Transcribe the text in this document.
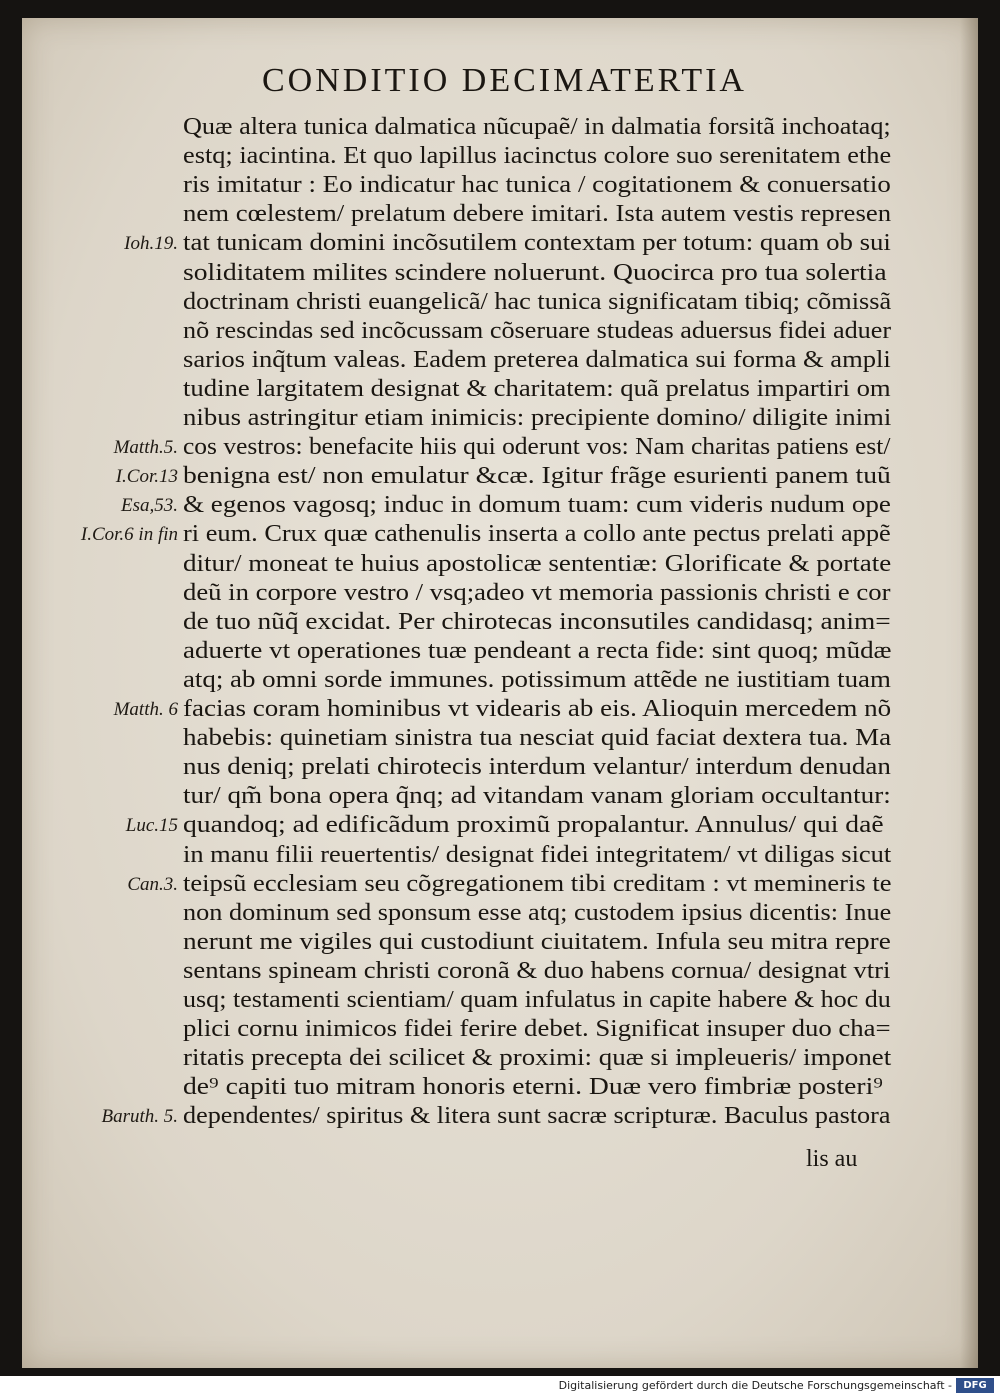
CONDITIO DECIMATERTIA
Quæ altera tunica dalmatica nũcupaẽ/ in dalmatia forsitã inchoataq;
estq; iacintina. Et quo lapillus iacinctus colore suo serenitatem ethe
ris imitatur : Eo indicatur hac tunica / cogitationem & conuersatio
nem cœlestem/ prelatum debere imitari. Ista autem vestis represen
tat tunicam domini incõsutilem contextam per totum: quam ob sui
soliditatem milites scindere noluerunt. Quocirca pro tua solertia
doctrinam christi euangelicã/ hac tunica significatam tibiq; cõmissã
nõ rescindas sed incõcussam cõseruare studeas aduersus fidei aduer
sarios inq̃tum valeas. Eadem preterea dalmatica sui forma & ampli
tudine largitatem designat & charitatem: quã prelatus impartiri om
nibus astringitur etiam inimicis: precipiente domino/ diligite inimi
cos vestros: benefacite hiis qui oderunt vos: Nam charitas patiens est/
benigna est/ non emulatur &cæ. Igitur frãge esurienti panem tuũ
& egenos vagosq; induc in domum tuam: cum videris nudum ope
ri eum. Crux quæ cathenulis inserta a collo ante pectus prelati appẽ
ditur/ moneat te huius apostolicæ sententiæ: Glorificate & portate
deũ in corpore vestro / vsq;adeo vt memoria passionis christi e cor
de tuo nũq̃ excidat. Per chirotecas inconsutiles candidasq; anim=
aduerte vt operationes tuæ pendeant a recta fide: sint quoq; mũdæ
atq; ab omni sorde immunes. potissimum attẽde ne iustitiam tuam
facias coram hominibus vt videaris ab eis. Alioquin mercedem nõ
habebis: quinetiam sinistra tua nesciat quid faciat dextera tua. Ma
nus deniq; prelati chirotecis interdum velantur/ interdum denudan
tur/ qm̃ bona opera q̃nq; ad vitandam vanam gloriam occultantur:
quandoq; ad edificãdum proximũ propalantur. Annulus/ qui daẽ
in manu filii reuertentis/ designat fidei integritatem/ vt diligas sicut
teipsũ ecclesiam seu cõgregationem tibi creditam : vt memineris te
non dominum sed sponsum esse atq; custodem ipsius dicentis: Inue
nerunt me vigiles qui custodiunt ciuitatem. Infula seu mitra repre
sentans spineam christi coronã & duo habens cornua/ designat vtri
usq; testamenti scientiam/ quam infulatus in capite habere & hoc du
plici cornu inimicos fidei ferire debet. Significat insuper duo cha=
ritatis precepta dei scilicet & proximi: quæ si impleueris/ imponet
de⁹ capiti tuo mitram honoris eterni. Duæ vero fimbriæ posteri⁹
dependentes/ spiritus & litera sunt sacræ scripturæ. Baculus pastora
Ioh.19.
Matth.5.
I.Cor.13
Esa,53.
I.Cor.6 in fin
Matth. 6
Luc.15
Can.3.
Baruth. 5.
lis au
Digitalisierung gefördert durch die Deutsche Forschungsgemeinschaft -	DFG
